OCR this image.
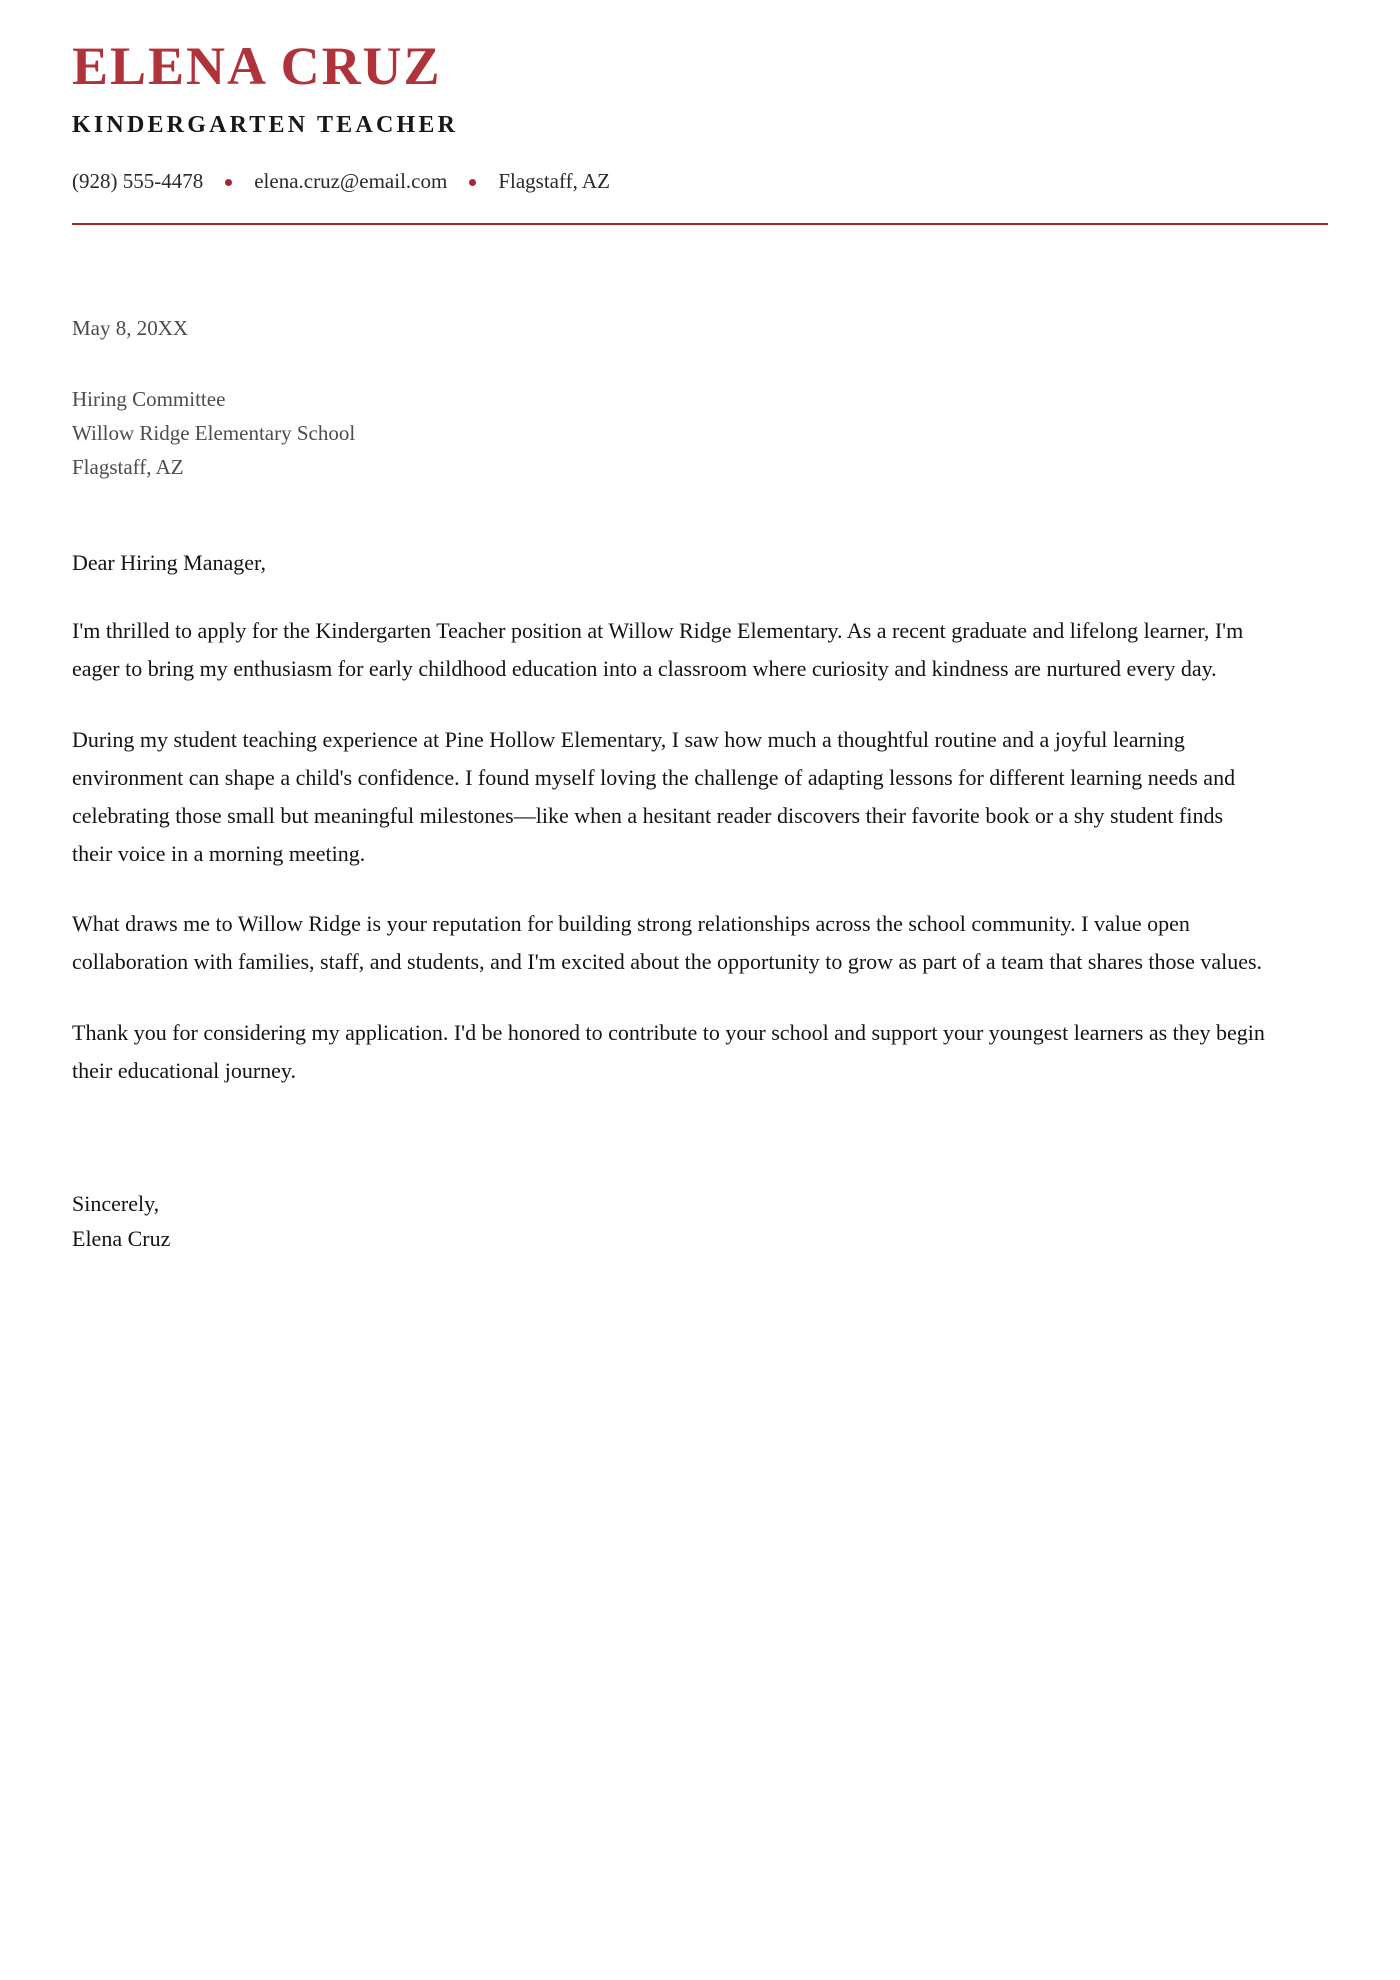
ELENA CRUZ
KINDERGARTEN TEACHER
(928) 555-4478 elena.cruz@email.com Flagstaff, AZ
May 8, 20XX
Hiring Committee
Willow Ridge Elementary School
Flagstaff, AZ
Dear Hiring Manager,

I'm thrilled to apply for the Kindergarten Teacher position at Willow Ridge Elementary. As a recent graduate and lifelong learner, I'm eager to bring my enthusiasm for early childhood education into a classroom where curiosity and kindness are nurtured every day.

During my student teaching experience at Pine Hollow Elementary, I saw how much a thoughtful routine and a joyful learning environment can shape a child's confidence. I found myself loving the challenge of adapting lessons for different learning needs and celebrating those small but meaningful milestones—like when a hesitant reader discovers their favorite book or a shy student finds their voice in a morning meeting.

What draws me to Willow Ridge is your reputation for building strong relationships across the school community. I value open collaboration with families, staff, and students, and I'm excited about the opportunity to grow as part of a team that shares those values.

Thank you for considering my application. I'd be honored to contribute to your school and support your youngest learners as they begin their educational journey.

Sincerely,
Elena Cruz
